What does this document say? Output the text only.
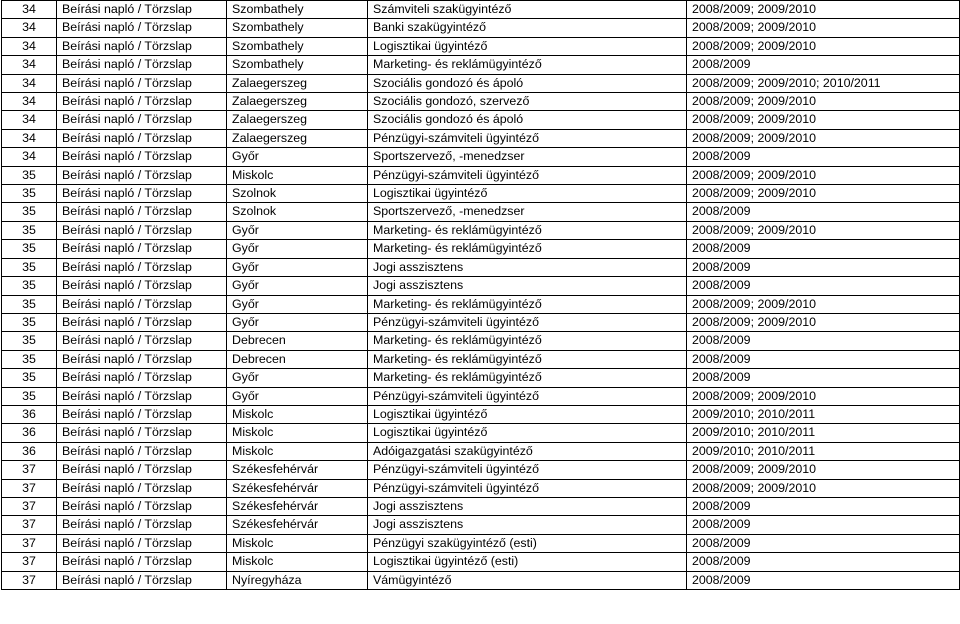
34	Beírási napló / Törzslap	Szombathely	Számviteli szakügyintéző	2008/2009; 2009/2010
34	Beírási napló / Törzslap	Szombathely	Banki szakügyintéző	2008/2009; 2009/2010
34	Beírási napló / Törzslap	Szombathely	Logisztikai ügyintéző	2008/2009; 2009/2010
34	Beírási napló / Törzslap	Szombathely	Marketing- és reklámügyintéző	2008/2009
34	Beírási napló / Törzslap	Zalaegerszeg	Szociális gondozó és ápoló	2008/2009; 2009/2010; 2010/2011
34	Beírási napló / Törzslap	Zalaegerszeg	Szociális gondozó, szervező	2008/2009; 2009/2010
34	Beírási napló / Törzslap	Zalaegerszeg	Szociális gondozó és ápoló	2008/2009; 2009/2010
34	Beírási napló / Törzslap	Zalaegerszeg	Pénzügyi-számviteli ügyintéző	2008/2009; 2009/2010
34	Beírási napló / Törzslap	Győr	Sportszervező, -menedzser	2008/2009
35	Beírási napló / Törzslap	Miskolc	Pénzügyi-számviteli ügyintéző	2008/2009; 2009/2010
35	Beírási napló / Törzslap	Szolnok	Logisztikai ügyintéző	2008/2009; 2009/2010
35	Beírási napló / Törzslap	Szolnok	Sportszervező, -menedzser	2008/2009
35	Beírási napló / Törzslap	Győr	Marketing- és reklámügyintéző	2008/2009; 2009/2010
35	Beírási napló / Törzslap	Győr	Marketing- és reklámügyintéző	2008/2009
35	Beírási napló / Törzslap	Győr	Jogi asszisztens	2008/2009
35	Beírási napló / Törzslap	Győr	Jogi asszisztens	2008/2009
35	Beírási napló / Törzslap	Győr	Marketing- és reklámügyintéző	2008/2009; 2009/2010
35	Beírási napló / Törzslap	Győr	Pénzügyi-számviteli ügyintéző	2008/2009; 2009/2010
35	Beírási napló / Törzslap	Debrecen	Marketing- és reklámügyintéző	2008/2009
35	Beírási napló / Törzslap	Debrecen	Marketing- és reklámügyintéző	2008/2009
35	Beírási napló / Törzslap	Győr	Marketing- és reklámügyintéző	2008/2009
35	Beírási napló / Törzslap	Győr	Pénzügyi-számviteli ügyintéző	2008/2009; 2009/2010
36	Beírási napló / Törzslap	Miskolc	Logisztikai ügyintéző	2009/2010; 2010/2011
36	Beírási napló / Törzslap	Miskolc	Logisztikai ügyintéző	2009/2010; 2010/2011
36	Beírási napló / Törzslap	Miskolc	Adóigazgatási szakügyintéző	2009/2010; 2010/2011
37	Beírási napló / Törzslap	Székesfehérvár	Pénzügyi-számviteli ügyintéző	2008/2009; 2009/2010
37	Beírási napló / Törzslap	Székesfehérvár	Pénzügyi-számviteli ügyintéző	2008/2009; 2009/2010
37	Beírási napló / Törzslap	Székesfehérvár	Jogi asszisztens	2008/2009
37	Beírási napló / Törzslap	Székesfehérvár	Jogi asszisztens	2008/2009
37	Beírási napló / Törzslap	Miskolc	Pénzügyi szakügyintéző (esti)	2008/2009
37	Beírási napló / Törzslap	Miskolc	Logisztikai ügyintéző (esti)	2008/2009
37	Beírási napló / Törzslap	Nyíregyháza	Vámügyintéző	2008/2009
